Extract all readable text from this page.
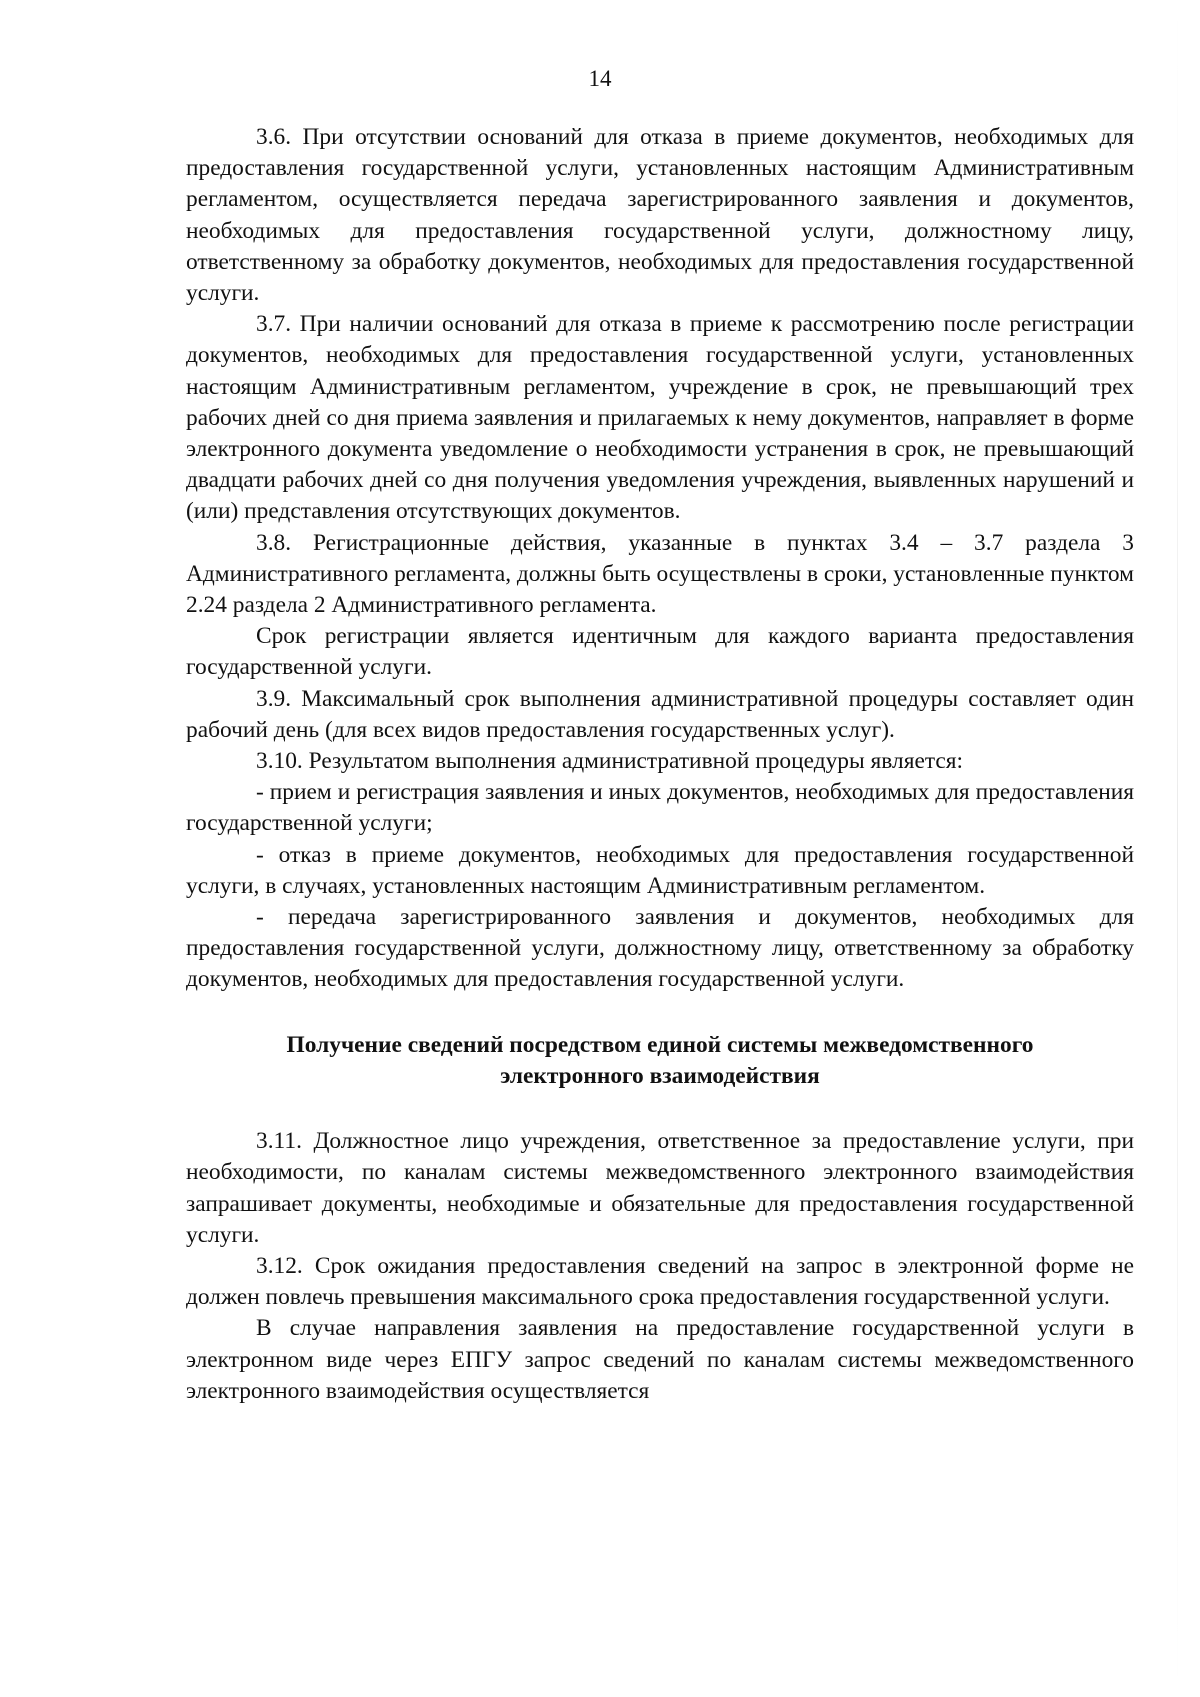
14

3.6. При отсутствии оснований для отказа в приеме документов, необходимых для предоставления государственной услуги, установленных настоящим Административным регламентом, осуществляется передача зарегистрированного заявления и документов, необходимых для предоставления государственной услуги, должностному лицу, ответственному за обработку документов, необходимых для предоставления государственной услуги.

3.7. При наличии оснований для отказа в приеме к рассмотрению после регистрации документов, необходимых для предоставления государственной услуги, установленных настоящим Административным регламентом, учреждение в срок, не превышающий трех рабочих дней со дня приема заявления и прилагаемых к нему документов, направляет в форме электронного документа уведомление о необходимости устранения в срок, не превышающий двадцати рабочих дней со дня получения уведомления учреждения, выявленных нарушений и (или) представления отсутствующих документов.

3.8. Регистрационные действия, указанные в пунктах 3.4 – 3.7 раздела 3 Административного регламента, должны быть осуществлены в сроки, установленные пунктом 2.24 раздела 2 Административного регламента.

Срок регистрации является идентичным для каждого варианта предоставления государственной услуги.

3.9. Максимальный срок выполнения административной процедуры составляет один рабочий день (для всех видов предоставления государственных услуг).

3.10. Результатом выполнения административной процедуры является:

- прием и регистрация заявления и иных документов, необходимых для предоставления государственной услуги;

- отказ в приеме документов, необходимых для предоставления государственной услуги, в случаях, установленных настоящим Административным регламентом.

- передача зарегистрированного заявления и документов, необходимых для предоставления государственной услуги, должностному лицу, ответственному за обработку документов, необходимых для предоставления государственной услуги.

Получение сведений посредством единой системы межведомственного
электронного взаимодействия

3.11. Должностное лицо учреждения, ответственное за предоставление услуги, при необходимости, по каналам системы межведомственного электронного взаимодействия запрашивает документы, необходимые и обязательные для предоставления государственной услуги.

3.12. Срок ожидания предоставления сведений на запрос в электронной форме не должен повлечь превышения максимального срока предоставления государственной услуги.

В случае направления заявления на предоставление государственной услуги в электронном виде через ЕПГУ запрос сведений по каналам системы межведомственного электронного взаимодействия осуществляется
